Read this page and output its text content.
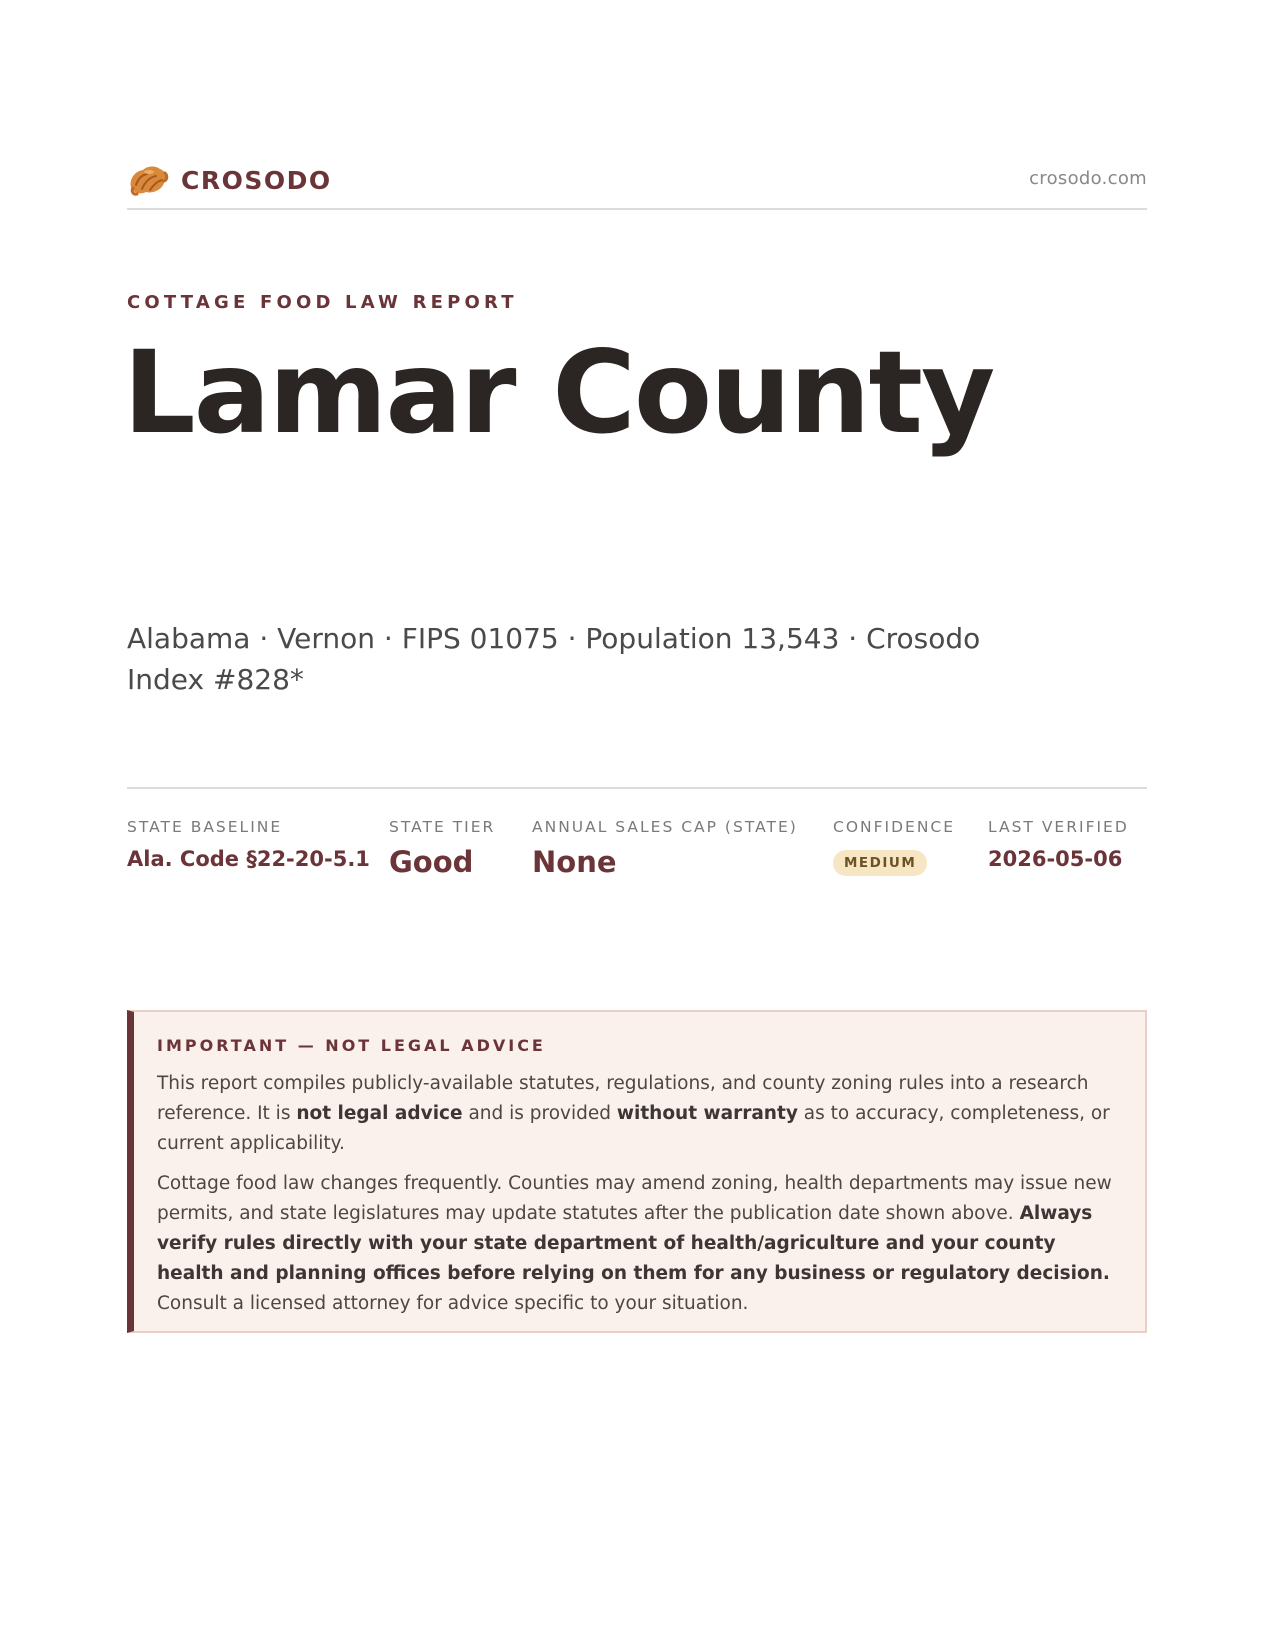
CROSODO	crosodo.com
COTTAGE FOOD LAW REPORT
Lamar County
Alabama · Vernon · FIPS 01075 · Population 13,543 · Crosodo Index #828*
STATE BASELINE
Ala. Code §22-20-5.1
STATE TIER
Good
ANNUAL SALES CAP (STATE)
None
CONFIDENCE
MEDIUM
LAST VERIFIED
2026-05-06
IMPORTANT — NOT LEGAL ADVICE

This report compiles publicly-available statutes, regulations, and county zoning rules into a research reference. It is not legal advice and is provided without warranty as to accuracy, completeness, or current applicability.

Cottage food law changes frequently. Counties may amend zoning, health departments may issue new permits, and state legislatures may update statutes after the publication date shown above. Always verify rules directly with your state department of health/agriculture and your county health and planning offices before relying on them for any business or regulatory decision. Consult a licensed attorney for advice specific to your situation.
